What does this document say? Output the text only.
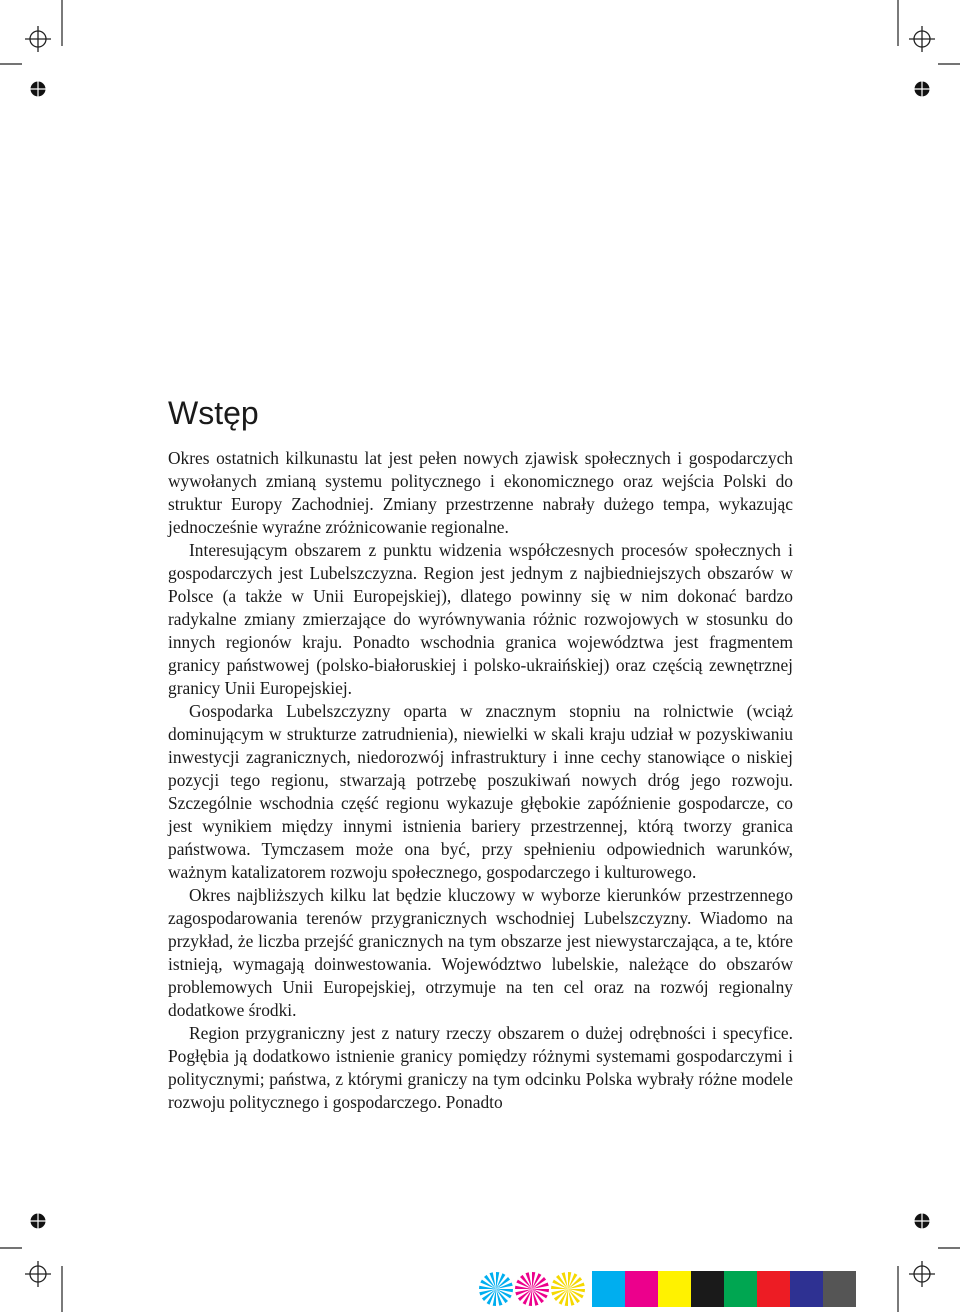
Wstęp

Okres ostatnich kilkunastu lat jest pełen nowych zjawisk społecznych i gospodarczych wywołanych zmianą systemu politycznego i ekonomicznego oraz wejścia Polski do struktur Europy Zachodniej. Zmiany przestrzenne nabrały dużego tempa, wykazując jednocześnie wyraźne zróżnicowanie regionalne.

Interesującym obszarem z punktu widzenia współczesnych procesów społecznych i gospodarczych jest Lubelszczyzna. Region jest jednym z najbiedniejszych obszarów w Polsce (a także w Unii Europejskiej), dlatego powinny się w nim dokonać bardzo radykalne zmiany zmierzające do wyrównywania różnic rozwojowych w stosunku do innych regionów kraju. Ponadto wschodnia granica województwa jest fragmentem granicy państwowej (polsko-białoruskiej i polsko-ukraińskiej) oraz częścią zewnętrznej granicy Unii Europejskiej.

Gospodarka Lubelszczyzny oparta w znacznym stopniu na rolnictwie (wciąż dominującym w strukturze zatrudnienia), niewielki w skali kraju udział w pozyskiwaniu inwestycji zagranicznych, niedorozwój infrastruktury i inne cechy stanowiące o niskiej pozycji tego regionu, stwarzają potrzebę poszukiwań nowych dróg jego rozwoju. Szczególnie wschodnia część regionu wykazuje głębokie zapóźnienie gospodarcze, co jest wynikiem między innymi istnienia bariery przestrzennej, którą tworzy granica państwowa. Tymczasem może ona być, przy spełnieniu odpowiednich warunków, ważnym katalizatorem rozwoju społecznego, gospodarczego i kulturowego.

Okres najbliższych kilku lat będzie kluczowy w wyborze kierunków przestrzennego zagospodarowania terenów przygranicznych wschodniej Lubelszczyzny. Wiadomo na przykład, że liczba przejść granicznych na tym obszarze jest niewystarczająca, a te, które istnieją, wymagają doinwestowania. Województwo lubelskie, należące do obszarów problemowych Unii Europejskiej, otrzymuje na ten cel oraz na rozwój regionalny dodatkowe środki.

Region przygraniczny jest z natury rzeczy obszarem o dużej odrębności i specyfice. Pogłębia ją dodatkowo istnienie granicy pomiędzy różnymi systemami gospodarczymi i politycznymi; państwa, z którymi graniczy na tym odcinku Polska wybrały różne modele rozwoju politycznego i gospodarczego. Ponadto
